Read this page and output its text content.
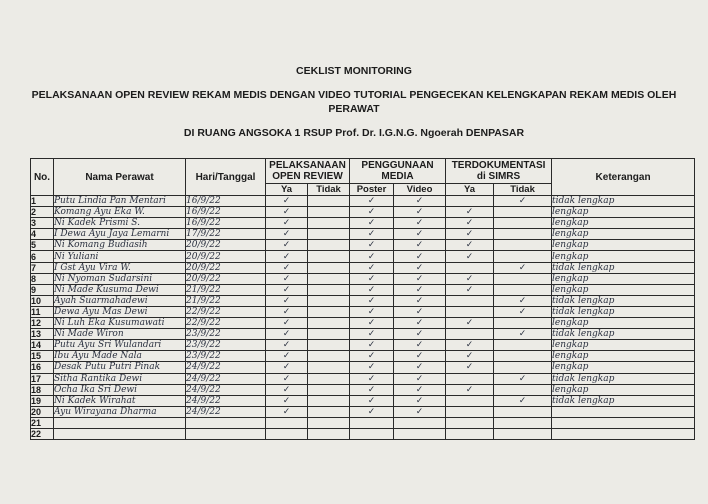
CEKLIST MONITORING
PELAKSANAAN OPEN REVIEW REKAM MEDIS DENGAN VIDEO TUTORIAL PENGECEKAN KELENGKAPAN REKAM MEDIS OLEH
PERAWAT
DI RUANG ANGSOKA 1 RSUP Prof. Dr. I.G.N.G. Ngoerah DENPASAR
No.	Nama Perawat	Hari/Tanggal	PELAKSANAAN OPEN REVIEW		PENGGUNAAN MEDIA		TERDOKUMENTASI di SIMRS		Keterangan
			Ya	Tidak	Poster	Video	Ya	Tidak	
1	Putu Lindia Pan Mentari	16/9/22	✓		✓	✓		✓	tidak lengkap
2	Komang Ayu Eka W.	16/9/22	✓		✓	✓	✓		lengkap
3	Ni Kadek Prismi S.	16/9/22	✓		✓	✓	✓		lengkap
4	I Dewa Ayu Jaya Lemarni	17/9/22	✓		✓	✓	✓		lengkap
5	Ni Komang Budiasih	20/9/22	✓		✓	✓	✓		lengkap
6	Ni Yuliani	20/9/22	✓		✓	✓	✓		lengkap
7	I Gst Ayu Vira W.	20/9/22	✓		✓	✓		✓	tidak lengkap
8	Ni Nyoman Sudarsini	20/9/22	✓		✓	✓	✓		lengkap
9	Ni Made Kusuma Dewi	21/9/22	✓		✓	✓	✓		lengkap
10	Ayah Suarmahadewi	21/9/22	✓		✓	✓		✓	tidak lengkap
11	Dewa Ayu Mas Dewi	22/9/22	✓		✓	✓		✓	tidak lengkap
12	Ni Luh Eka Kusumawati	22/9/22	✓		✓	✓	✓		lengkap
13	Ni Made Wiron	23/9/22	✓		✓	✓		✓	tidak lengkap
14	Putu Ayu Sri Wulandari	23/9/22	✓		✓	✓	✓		lengkap
15	Ibu Ayu Made Nala	23/9/22	✓		✓	✓	✓		lengkap
16	Desak Putu Putri Pinak	24/9/22	✓		✓	✓	✓		lengkap
17	Sitha Rantika Dewi	24/9/22	✓		✓	✓		✓	tidak lengkap
18	Ocha Ika Sri Dewi	24/9/22	✓		✓	✓	✓		lengkap
19	Ni Kadek Wirahat	24/9/22	✓		✓	✓		✓	tidak lengkap
20	Ayu Wirayana Dharma	24/9/22	✓		✓	✓			
21									
22									
